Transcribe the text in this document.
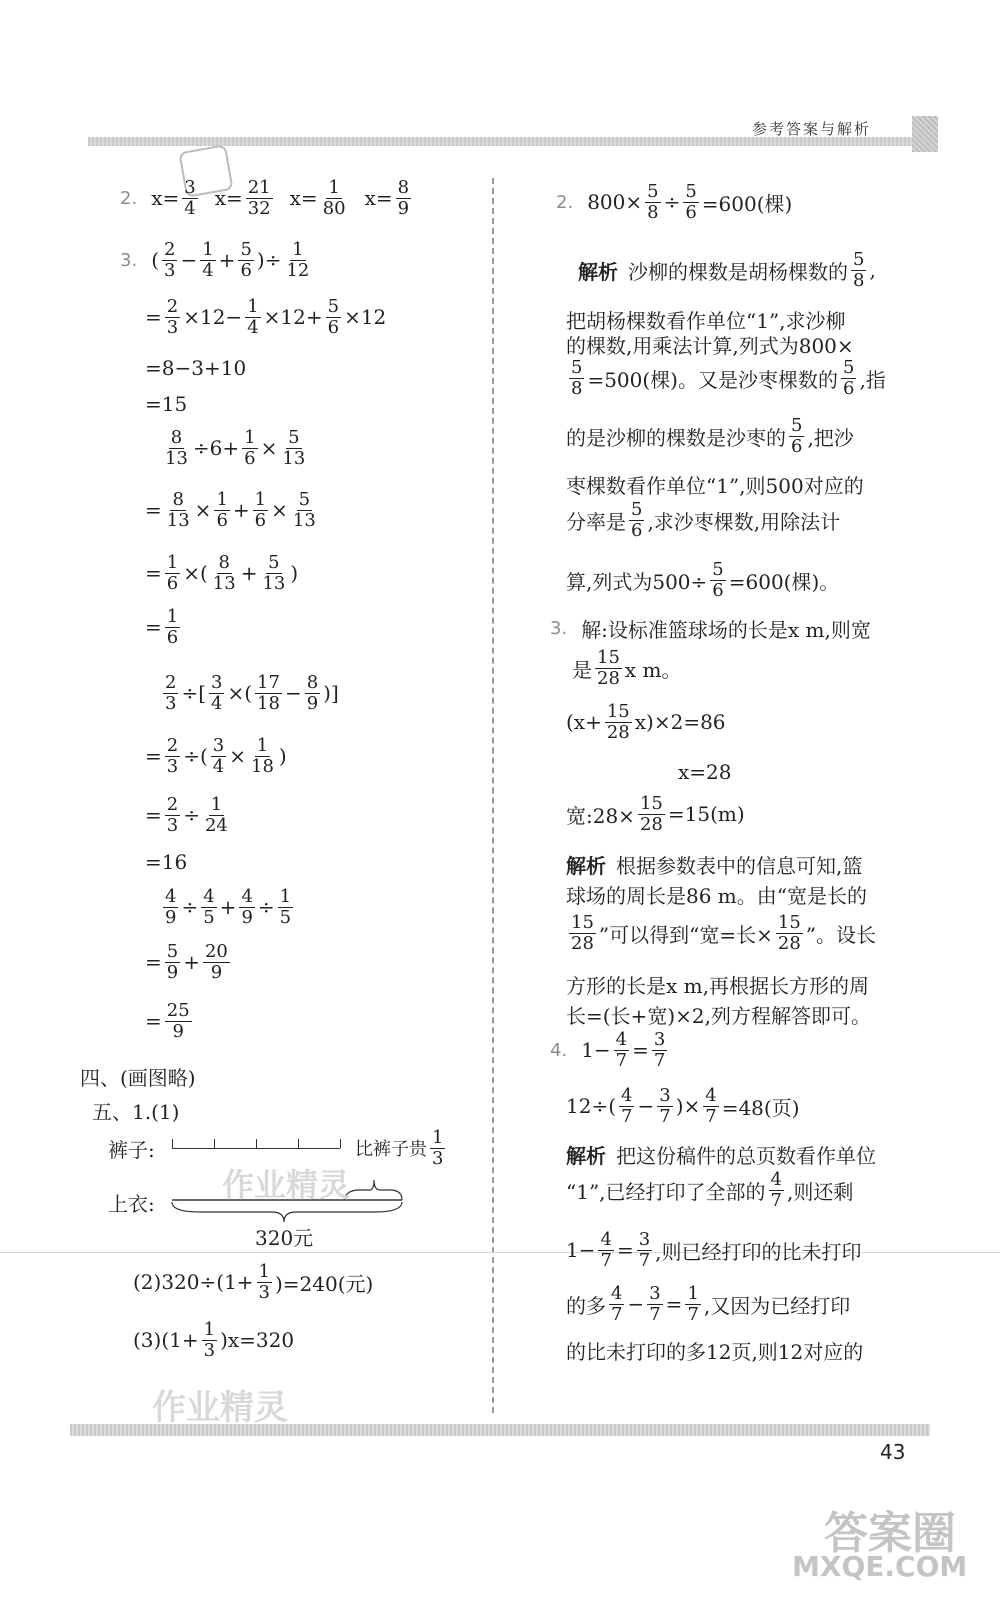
参考答案与解析
2. $x= \frac{3}{4} x= \frac{21}{32} x= \frac{1}{80} x= \frac{8}{9}$
3. ( $\frac{2}{3} - \frac{1}{4} + \frac{5}{6}$ )÷ $\frac{1}{12}$
= $\frac{2}{3} \times 12- \frac{1}{4} \times 12+ \frac{5}{6} \times 12$
=8−3+10
=15
$\frac{8}{13} \div 6+ \frac{1}{6} \times \frac{5}{13}$
= $\frac{8}{13} \times \frac{1}{6} + \frac{1}{6} \times \frac{5}{13}$
= $\frac{1}{6}$ ×( $\frac{8}{13} + \frac{5}{13}$ )
= $\frac{1}{6}$
$\frac{2}{3}$ ÷[ $\frac{3}{4}$ ×( $\frac{17}{18} - \frac{8}{9}$ )]
= $\frac{2}{3}$ ÷( $\frac{3}{4} \times \frac{1}{18}$ )
= $\frac{2}{3} \div \frac{1}{24}$
=16
$\frac{4}{9} \div \frac{4}{5} + \frac{4}{9} \div \frac{1}{5}$
= $\frac{5}{9} + \frac{20}{9}$
= $\frac{25}{9}$
四、(画图略)
五、1.(1)
裤子:	比裤子贵 $\frac{1}{3}$
上衣:
320元
$(2)320\div(1+ \frac{1}{3} )=240$(元)
$(3)(1+ \frac{1}{3} )x=320$
2. $800\times \frac{5}{8} \div \frac{5}{6} =600$(棵)
解析 沙柳的棵数是胡杨棵数的 $\frac{5}{8}$ ,
把胡杨棵数看作单位“1”,求沙柳
的棵数,用乘法计算,列式为800×
$\frac{5}{8} =500$(棵)。又是沙枣棵数的 $\frac{5}{6}$ ,指
的是沙柳的棵数是沙枣的 $\frac{5}{6}$ ,把沙
枣棵数看作单位“1”,则500对应的
分率是 $\frac{5}{6}$ ,求沙枣棵数,用除法计
算,列式为$500\div \frac{5}{6} =600$(棵)。
3. 解:设标准篮球场的长是x m,则宽
是 $\frac{15}{28}$ x m。
$(x+ \frac{15}{28} x)\times 2=86$
x=28
宽:28× $\frac{15}{28} =15(m)$
解析 根据参数表中的信息可知,篮
球场的周长是86 m。由“宽是长的
$\frac{15}{28}$ ”可以得到“宽=长× $\frac{15}{28}$ ”。设长
方形的长是x m,再根据长方形的周
长=(长+宽)×2,列方程解答即可。
4. $1- \frac{4}{7} = \frac{3}{7}$
$12\div( \frac{4}{7} - \frac{3}{7}$ )× $\frac{4}{7} =48$(页)
解析 把这份稿件的总页数看作单位
“1”,已经打印了全部的 $\frac{4}{7}$ ,则还剩
$1- \frac{4}{7} = \frac{3}{7}$ ,则已经打印的比未打印
的多 $\frac{4}{7} - \frac{3}{7} = \frac{1}{7}$ ,又因为已经打印
的比未打印的多12页,则12对应的
43
作业精灵
作业精灵
答案圈
MXQE.COM
